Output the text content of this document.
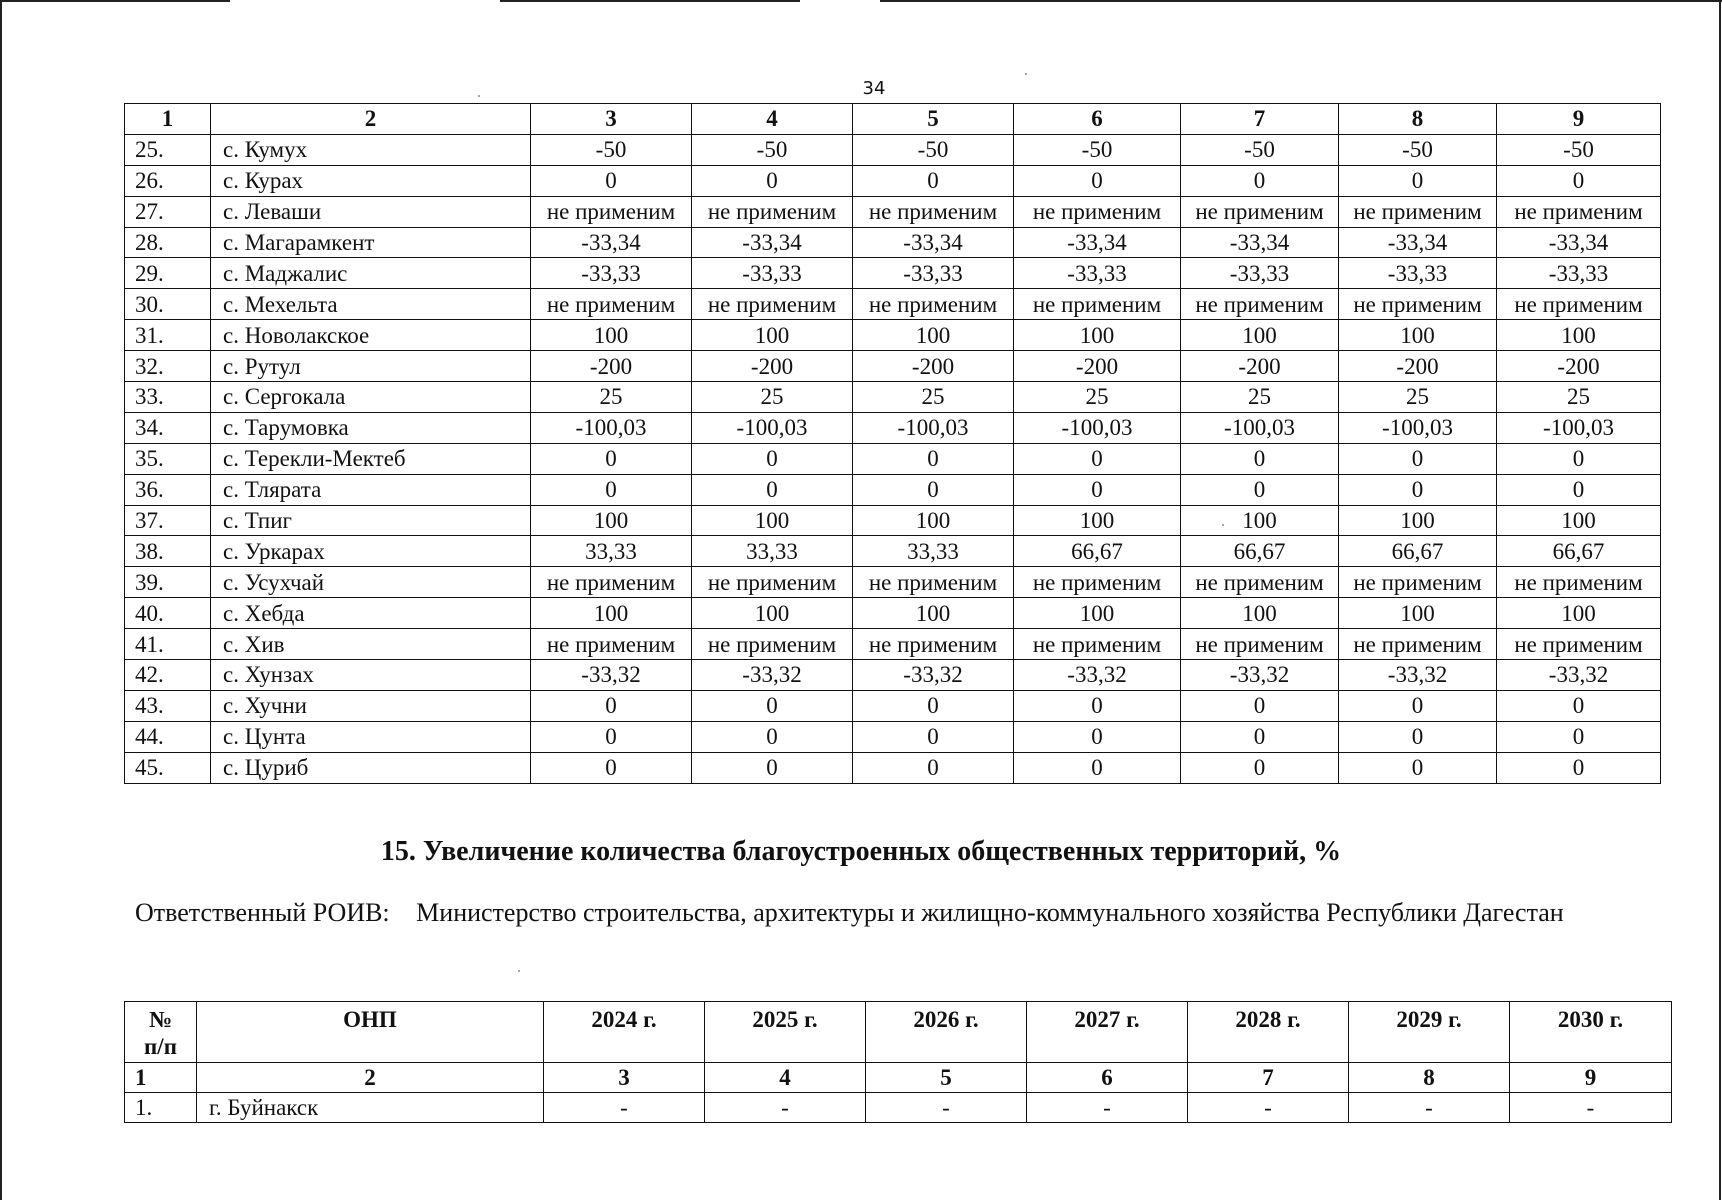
34
1	2	3	4	5	6	7	8	9
25.	с. Кумух	-50	-50	-50	-50	-50	-50	-50
26.	с. Курах	0	0	0	0	0	0	0
27.	с. Леваши	не применим	не применим	не применим	не применим	не применим	не применим	не применим
28.	с. Магарамкент	-33,34	-33,34	-33,34	-33,34	-33,34	-33,34	-33,34
29.	с. Маджалис	-33,33	-33,33	-33,33	-33,33	-33,33	-33,33	-33,33
30.	с. Мехельта	не применим	не применим	не применим	не применим	не применим	не применим	не применим
31.	с. Новолакское	100	100	100	100	100	100	100
32.	с. Рутул	-200	-200	-200	-200	-200	-200	-200
33.	с. Сергокала	25	25	25	25	25	25	25
34.	с. Тарумовка	-100,03	-100,03	-100,03	-100,03	-100,03	-100,03	-100,03
35.	с. Терекли-Мектеб	0	0	0	0	0	0	0
36.	с. Тлярата	0	0	0	0	0	0	0
37.	с. Тпиг	100	100	100	100	100	100	100
38.	с. Уркарах	33,33	33,33	33,33	66,67	66,67	66,67	66,67
39.	с. Усухчай	не применим	не применим	не применим	не применим	не применим	не применим	не применим
40.	с. Хебда	100	100	100	100	100	100	100
41.	с. Хив	не применим	не применим	не применим	не применим	не применим	не применим	не применим
42.	с. Хунзах	-33,32	-33,32	-33,32	-33,32	-33,32	-33,32	-33,32
43.	с. Хучни	0	0	0	0	0	0	0
44.	с. Цунта	0	0	0	0	0	0	0
45.	с. Цуриб	0	0	0	0	0	0	0
15. Увеличение количества благоустроенных общественных территорий, %
Ответственный РОИВ: Министерство строительства, архитектуры и жилищно-коммунального хозяйства Республики Дагестан
№
п/п	ОНП	2024 г.	2025 г.	2026 г.	2027 г.	2028 г.	2029 г.	2030 г.
1	2	3	4	5	6	7	8	9
1.	г. Буйнакск	-	-	-	-	-	-	-
